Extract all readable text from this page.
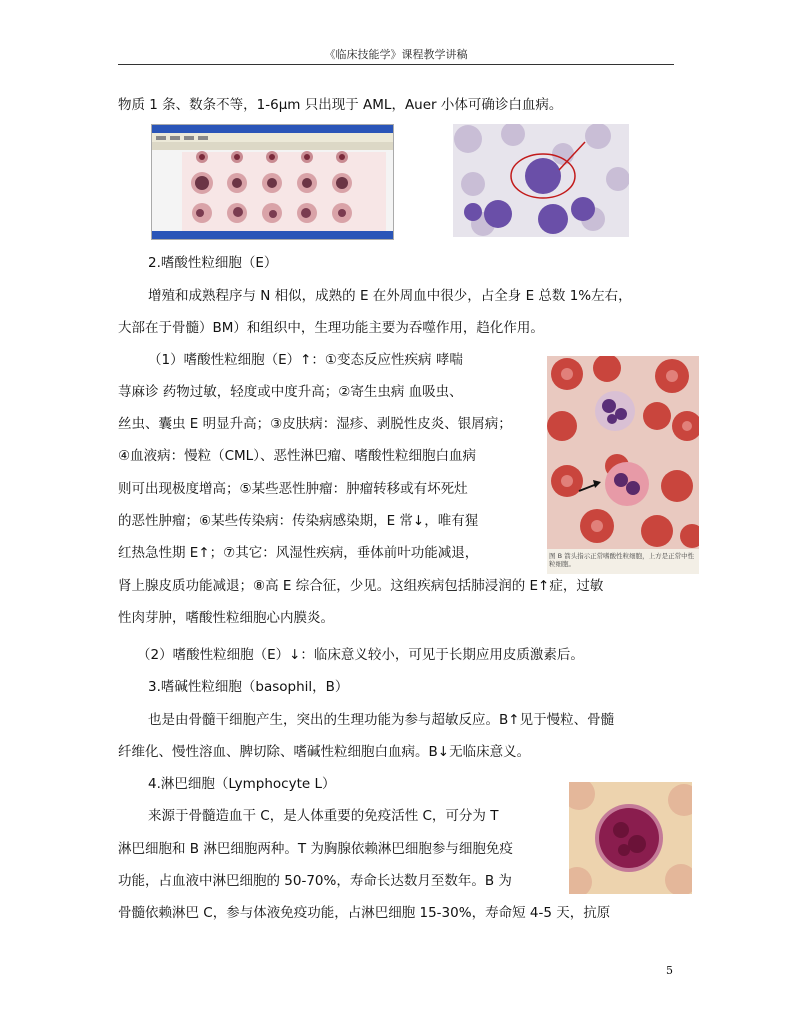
《临床技能学》课程教学讲稿
物质 1 条、数条不等，1-6μm 只出现于 AML，Auer 小体可确诊白血病。
2.嗜酸性粒细胞（E）
增殖和成熟程序与 N 相似，成熟的 E 在外周血中很少，占全身 E 总数 1%左右，
大部在于骨髓）BM）和组织中，生理功能主要为吞噬作用，趋化作用。
（1）嗜酸性粒细胞（E）↑：①变态反应性疾病 哮喘
荨麻诊 药物过敏，轻度或中度升高；②寄生虫病 血吸虫、
丝虫、囊虫 E 明显升高；③皮肤病：湿疹、剥脱性皮炎、银屑病；
④血液病：慢粒（CML）、恶性淋巴瘤、嗜酸性粒细胞白血病
则可出现极度增高；⑤某些恶性肿瘤：肿瘤转移或有坏死灶
的恶性肿瘤；⑥某些传染病：传染病感染期，E 常↓，唯有猩
红热急性期 E↑；⑦其它：风湿性疾病，垂体前叶功能减退，
肾上腺皮质功能减退；⑧高 E 综合征，少见。这组疾病包括肺浸润的 E↑症，过敏
性肉芽肿，嗜酸性粒细胞心内膜炎。
图 B 箭头指示正常嗜酸性粒细胞，上方是正常中性粒细胞。
（2）嗜酸性粒细胞（E）↓：临床意义较小，可见于长期应用皮质激素后。
3.嗜碱性粒细胞（basophil，B）
也是由骨髓干细胞产生，突出的生理功能为参与超敏反应。B↑见于慢粒、骨髓
纤维化、慢性溶血、脾切除、嗜碱性粒细胞白血病。B↓无临床意义。
4.淋巴细胞（Lymphocyte L）
来源于骨髓造血干 C，是人体重要的免疫活性 C，可分为 T
淋巴细胞和 B 淋巴细胞两种。T 为胸腺依赖淋巴细胞参与细胞免疫
功能，占血液中淋巴细胞的 50-70%，寿命长达数月至数年。B 为
骨髓依赖淋巴 C，参与体液免疫功能，占淋巴细胞 15-30%，寿命短 4-5 天，抗原
5
